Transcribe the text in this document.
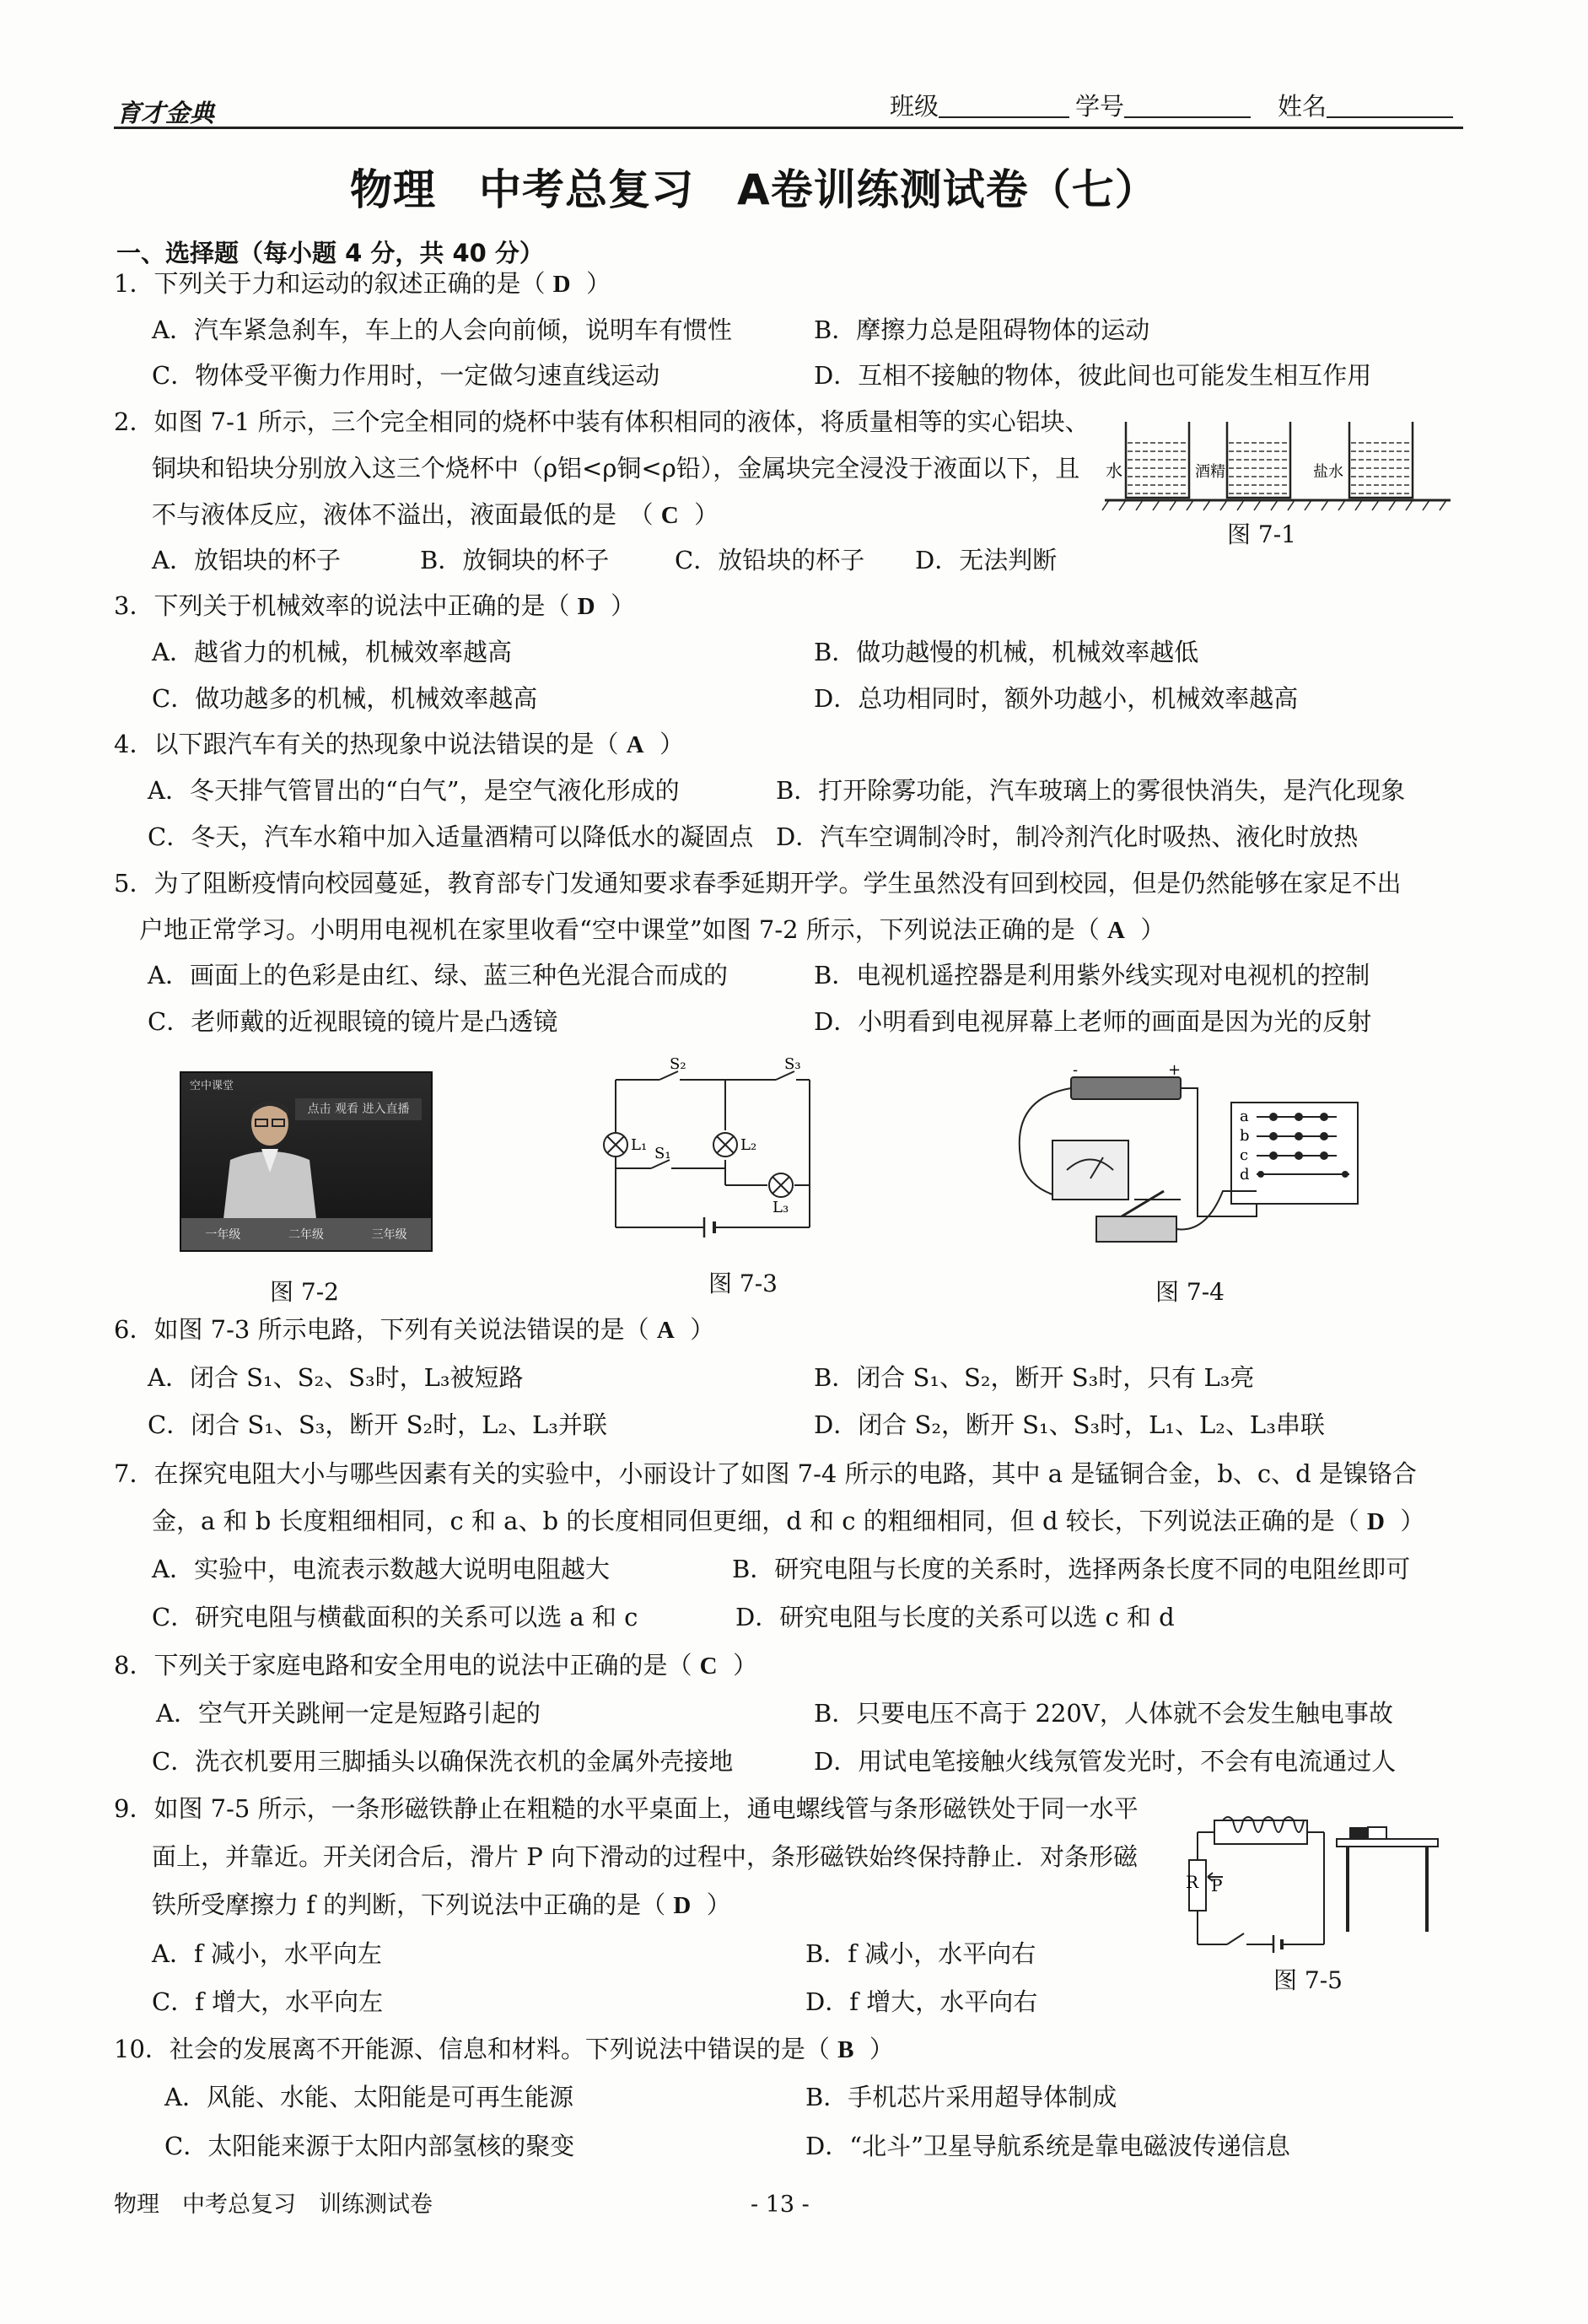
育才金典	班级	学号	姓名
物理　中考总复习　A卷训练测试卷（七）
一、选择题（每小题 4 分，共 40 分）
1．下列关于力和运动的叙述正确的是（ D ）
A．汽车紧急刹车，车上的人会向前倾，说明车有惯性	B．摩擦力总是阻碍物体的运动
C．物体受平衡力作用时，一定做匀速直线运动	D．互相不接触的物体，彼此间也可能发生相互作用
2．如图 7-1 所示，三个完全相同的烧杯中装有体积相同的液体，将质量相等的实心铝块、
铜块和铅块分别放入这三个烧杯中（ρ铝<ρ铜<ρ铅），金属块完全浸没于液面以下，且
不与液体反应，液体不溢出，液面最低的是　（ C ）
A．放铝块的杯子	B．放铜块的杯子	C．放铅块的杯子 D．无法判断
水	酒精	盐水
图 7-1
3．下列关于机械效率的说法中正确的是（ D ）
A．越省力的机械，机械效率越高	B．做功越慢的机械，机械效率越低
C．做功越多的机械，机械效率越高	D．总功相同时，额外功越小，机械效率越高
4．以下跟汽车有关的热现象中说法错误的是（ A ）
A．冬天排气管冒出的“白气”，是空气液化形成的	B．打开除雾功能，汽车玻璃上的雾很快消失，是汽化现象
C．冬天，汽车水箱中加入适量酒精可以降低水的凝固点 D．汽车空调制冷时，制冷剂汽化时吸热、液化时放热
5．为了阻断疫情向校园蔓延，教育部专门发通知要求春季延期开学。学生虽然没有回到校园，但是仍然能够在家足不出
户地正常学习。小明用电视机在家里收看“空中课堂”如图 7-2 所示，下列说法正确的是（ A ）
A．画面上的色彩是由红、绿、蓝三种色光混合而成的	B．电视机遥控器是利用紫外线实现对电视机的控制
C．老师戴的近视眼镜的镜片是凸透镜	D．小明看到电视屏幕上老师的画面是因为光的反射
空中课堂
点击 观看 进入直播
一年级	二年级	三年级
图 7-2
S₂	S₃
S₁
L₁	L₂
L₃
图 7-3
-	+
a
b
c
d
图 7-4
6．如图 7-3 所示电路，下列有关说法错误的是（ A ）
A．闭合 S₁、S₂、S₃时，L₃被短路	B．闭合 S₁、S₂，断开 S₃时，只有 L₃亮
C．闭合 S₁、S₃，断开 S₂时，L₂、L₃并联	D．闭合 S₂，断开 S₁、S₃时，L₁、L₂、L₃串联
7．在探究电阻大小与哪些因素有关的实验中，小丽设计了如图 7-4 所示的电路，其中 a 是锰铜合金，b、c、d 是镍铬合
金，a 和 b 长度粗细相同，c 和 a、b 的长度相同但更细，d 和 c 的粗细相同，但 d 较长，下列说法正确的是（ D ）
A．实验中，电流表示数越大说明电阻越大	B．研究电阻与长度的关系时，选择两条长度不同的电阻丝即可
C．研究电阻与横截面积的关系可以选 a 和 c	D．研究电阻与长度的关系可以选 c 和 d
8．下列关于家庭电路和安全用电的说法中正确的是（ C ）
A．空气开关跳闸一定是短路引起的	B．只要电压不高于 220V，人体就不会发生触电事故
C．洗衣机要用三脚插头以确保洗衣机的金属外壳接地	D．用试电笔接触火线氖管发光时，不会有电流通过人
9．如图 7-5 所示，一条形磁铁静止在粗糙的水平桌面上，通电螺线管与条形磁铁处于同一水平
面上，并靠近。开关闭合后，滑片 P 向下滑动的过程中，条形磁铁始终保持静止．对条形磁
铁所受摩擦力 f 的判断，下列说法中正确的是（ D ）
A．f 减小，水平向左	B．f 减小，水平向右
C．f 增大，水平向左	D．f 增大，水平向右
R P
图 7-5
10．社会的发展离不开能源、信息和材料。下列说法中错误的是（ B ）
A．风能、水能、太阳能是可再生能源	B．手机芯片采用超导体制成
C．太阳能来源于太阳内部氢核的聚变	D．“北斗”卫星导航系统是靠电磁波传递信息
物理　中考总复习　训练测试卷	- 13 -
